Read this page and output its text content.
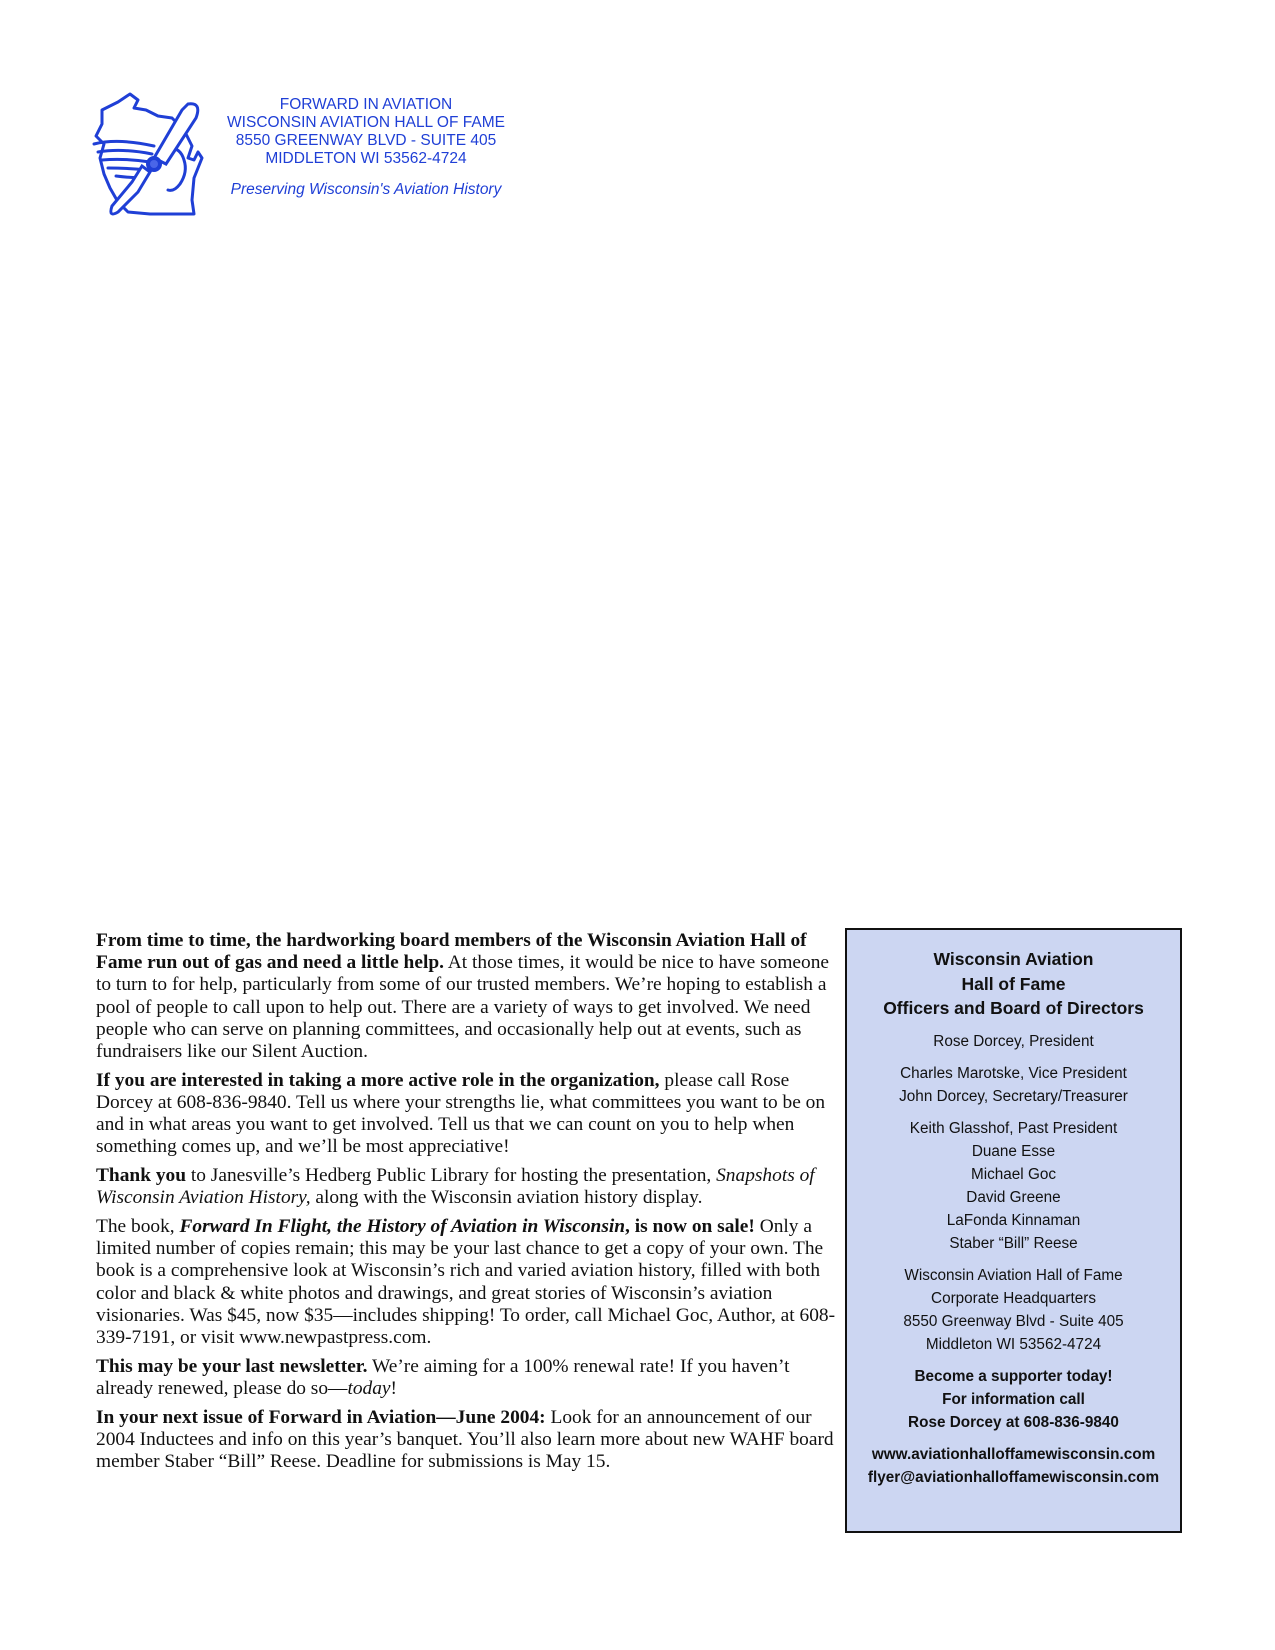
FORWARD IN AVIATION
WISCONSIN AVIATION HALL OF FAME
8550 GREENWAY BLVD - SUITE 405
MIDDLETON WI 53562-4724
Preserving Wisconsin's Aviation History

From time to time, the hardworking board members of the Wisconsin Aviation Hall of Fame run out of gas and need a little help. At those times, it would be nice to have someone to turn to for help, particularly from some of our trusted members. We’re hoping to establish a pool of people to call upon to help out. There are a variety of ways to get involved. We need people who can serve on planning committees, and occasionally help out at events, such as fundraisers like our Silent Auction.

If you are interested in taking a more active role in the organization, please call Rose Dorcey at 608-836-9840. Tell us where your strengths lie, what committees you want to be on and in what areas you want to get involved. Tell us that we can count on you to help when something comes up, and we’ll be most appreciative!

Thank you to Janesville’s Hedberg Public Library for hosting the presentation, Snapshots of Wisconsin Aviation History, along with the Wisconsin aviation history display.

The book, Forward In Flight, the History of Aviation in Wisconsin, is now on sale! Only a limited number of copies remain; this may be your last chance to get a copy of your own. The book is a comprehensive look at Wisconsin’s rich and varied aviation history, filled with both color and black & white photos and drawings, and great stories of Wisconsin’s aviation visionaries. Was $45, now $35—includes shipping! To order, call Michael Goc, Author, at 608-339-7191, or visit www.newpastpress.com.

This may be your last newsletter. We’re aiming for a 100% renewal rate! If you haven’t already renewed, please do so—today!

In your next issue of Forward in Aviation—June 2004: Look for an announcement of our 2004 Inductees and info on this year’s banquet. You’ll also learn more about new WAHF board member Staber “Bill” Reese. Deadline for submissions is May 15.

Wisconsin Aviation
Hall of Fame
Officers and Board of Directors
Rose Dorcey, President
Charles Marotske, Vice President
John Dorcey, Secretary/Treasurer
Keith Glasshof, Past President
Duane Esse
Michael Goc
David Greene
LaFonda Kinnaman
Staber “Bill” Reese
Wisconsin Aviation Hall of Fame
Corporate Headquarters
8550 Greenway Blvd - Suite 405
Middleton WI 53562-4724
Become a supporter today!
For information call
Rose Dorcey at 608-836-9840
www.aviationhalloffamewisconsin.com
flyer@aviationhalloffamewisconsin.com
